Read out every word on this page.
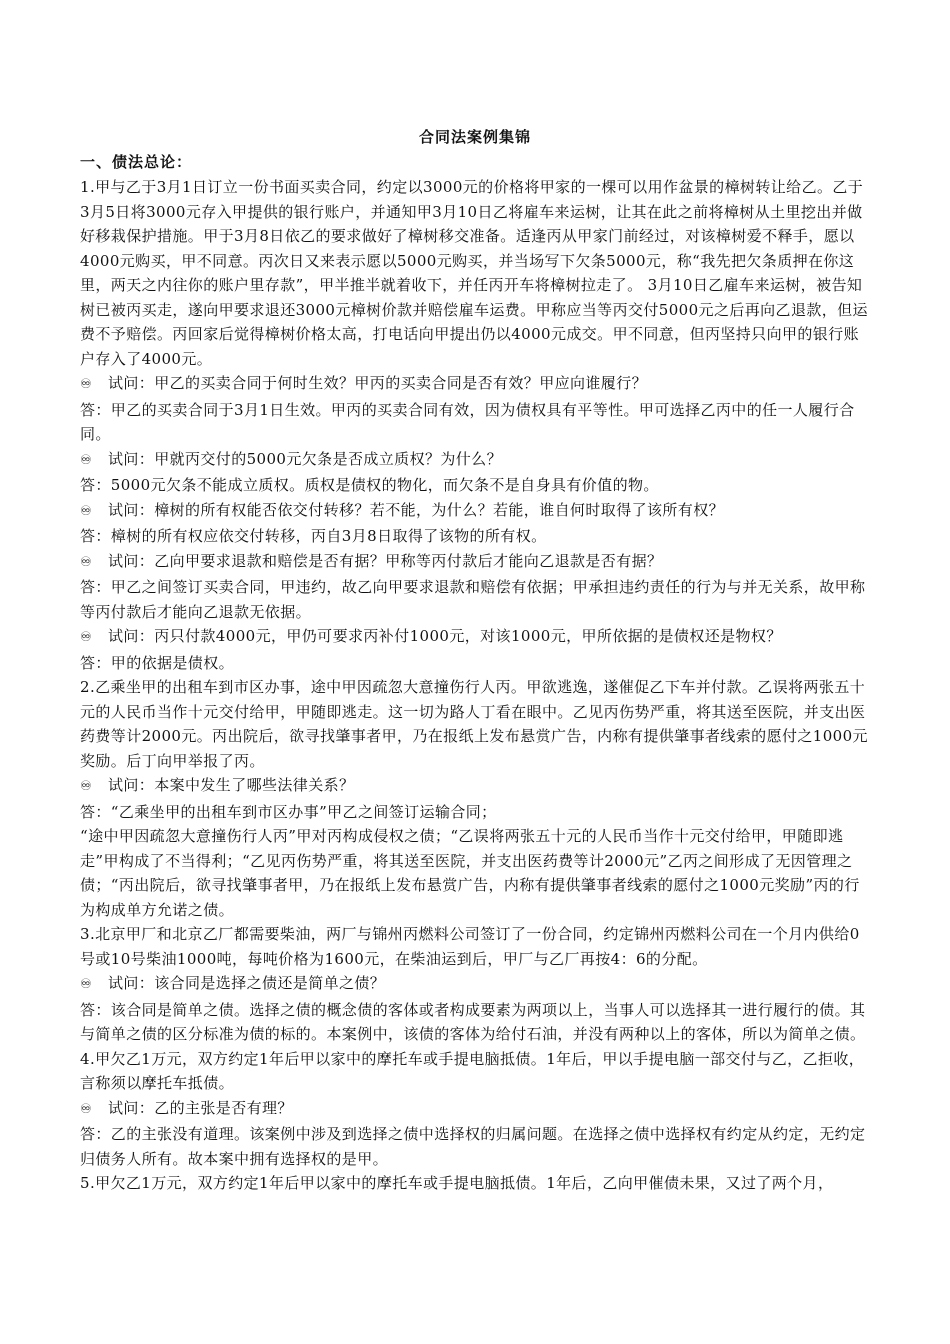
合同法案例集锦
一、债法总论：

1.甲与乙于3月1日订立一份书面买卖合同，约定以3000元的价格将甲家的一棵可以用作盆景的樟树转让给乙。乙于3月5日将3000元存入甲提供的银行账户，并通知甲3月10日乙将雇车来运树，让其在此之前将樟树从土里挖出并做好移栽保护措施。甲于3月8日依乙的要求做好了樟树移交准备。适逢丙从甲家门前经过，对该樟树爱不释手，愿以4000元购买，甲不同意。丙次日又来表示愿以5000元购买，并当场写下欠条5000元，称“我先把欠条质押在你这里，两天之内往你的账户里存款”，甲半推半就着收下，并任丙开车将樟树拉走了。 3月10日乙雇车来运树，被告知树已被丙买走，遂向甲要求退还3000元樟树价款并赔偿雇车运费。甲称应当等丙交付5000元之后再向乙退款，但运费不予赔偿。丙回家后觉得樟树价格太高，打电话向甲提出仍以4000元成交。甲不同意，但丙坚持只向甲的银行账户存入了4000元。

♾ 试问：甲乙的买卖合同于何时生效？甲丙的买卖合同是否有效？甲应向谁履行？

答：甲乙的买卖合同于3月1日生效。甲丙的买卖合同有效，因为债权具有平等性。甲可选择乙丙中的任一人履行合同。

♾ 试问：甲就丙交付的5000元欠条是否成立质权？为什么？

答：5000元欠条不能成立质权。质权是债权的物化，而欠条不是自身具有价值的物。

♾ 试问：樟树的所有权能否依交付转移？若不能，为什么？若能，谁自何时取得了该所有权？

答：樟树的所有权应依交付转移，丙自3月8日取得了该物的所有权。

♾ 试问：乙向甲要求退款和赔偿是否有据？甲称等丙付款后才能向乙退款是否有据？

答：甲乙之间签订买卖合同，甲违约，故乙向甲要求退款和赔偿有依据；甲承担违约责任的行为与并无关系，故甲称等丙付款后才能向乙退款无依据。

♾ 试问：丙只付款4000元，甲仍可要求丙补付1000元，对该1000元，甲所依据的是债权还是物权？

答：甲的依据是债权。

2.乙乘坐甲的出租车到市区办事，途中甲因疏忽大意撞伤行人丙。甲欲逃逸，遂催促乙下车并付款。乙误将两张五十元的人民币当作十元交付给甲，甲随即逃走。这一切为路人丁看在眼中。乙见丙伤势严重，将其送至医院，并支出医药费等计2000元。丙出院后，欲寻找肇事者甲，乃在报纸上发布悬赏广告，内称有提供肇事者线索的愿付之1000元奖励。后丁向甲举报了丙。

♾ 试问：本案中发生了哪些法律关系？

答：“乙乘坐甲的出租车到市区办事”甲乙之间签订运输合同；

“途中甲因疏忽大意撞伤行人丙”甲对丙构成侵权之债；“乙误将两张五十元的人民币当作十元交付给甲，甲随即逃走”甲构成了不当得利；“乙见丙伤势严重，将其送至医院，并支出医药费等计2000元”乙丙之间形成了无因管理之债；“丙出院后，欲寻找肇事者甲，乃在报纸上发布悬赏广告，内称有提供肇事者线索的愿付之1000元奖励”丙的行为构成单方允诺之债。

3.北京甲厂和北京乙厂都需要柴油，两厂与锦州丙燃料公司签订了一份合同，约定锦州丙燃料公司在一个月内供给0号或10号柴油1000吨，每吨价格为1600元，在柴油运到后，甲厂与乙厂再按4：6的分配。

♾ 试问：该合同是选择之债还是简单之债？

答：该合同是简单之债。选择之债的概念债的客体或者构成要素为两项以上，当事人可以选择其一进行履行的债。其与简单之债的区分标准为债的标的。本案例中，该债的客体为给付石油，并没有两种以上的客体，所以为简单之债。

4.甲欠乙1万元，双方约定1年后甲以家中的摩托车或手提电脑抵债。1年后，甲以手提电脑一部交付与乙，乙拒收，言称须以摩托车抵债。

♾ 试问：乙的主张是否有理？

答：乙的主张没有道理。该案例中涉及到选择之债中选择权的归属问题。在选择之债中选择权有约定从约定，无约定归债务人所有。故本案中拥有选择权的是甲。

5.甲欠乙1万元，双方约定1年后甲以家中的摩托车或手提电脑抵债。1年后，乙向甲催债未果，又过了两个月，
